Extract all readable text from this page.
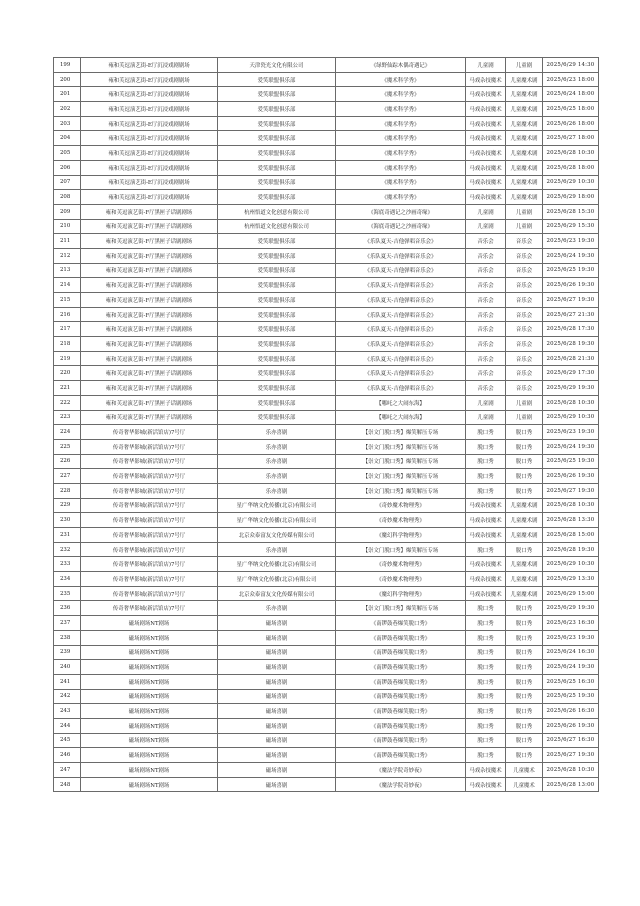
199	雍和芙逗演艺街-E厅沉浸戏剧剧场	天津瓷光文化有限公司	《绿野仙踪木偶奇遇记》	儿童剧	儿童剧	2025/6/29 14:30
200	雍和芙逗演艺街-E厅沉浸戏剧剧场	爱笑联盟俱乐部	《魔术科学秀》	马戏杂技魔术	儿童魔术剧	2025/6/23 18:00
201	雍和芙逗演艺街-E厅沉浸戏剧剧场	爱笑联盟俱乐部	《魔术科学秀》	马戏杂技魔术	儿童魔术剧	2025/6/24 18:00
202	雍和芙逗演艺街-E厅沉浸戏剧剧场	爱笑联盟俱乐部	《魔术科学秀》	马戏杂技魔术	儿童魔术剧	2025/6/25 18:00
203	雍和芙逗演艺街-E厅沉浸戏剧剧场	爱笑联盟俱乐部	《魔术科学秀》	马戏杂技魔术	儿童魔术剧	2025/6/26 18:00
204	雍和芙逗演艺街-E厅沉浸戏剧剧场	爱笑联盟俱乐部	《魔术科学秀》	马戏杂技魔术	儿童魔术剧	2025/6/27 18:00
205	雍和芙逗演艺街-E厅沉浸戏剧剧场	爱笑联盟俱乐部	《魔术科学秀》	马戏杂技魔术	儿童魔术剧	2025/6/28 10:30
206	雍和芙逗演艺街-E厅沉浸戏剧剧场	爱笑联盟俱乐部	《魔术科学秀》	马戏杂技魔术	儿童魔术剧	2025/6/28 18:00
207	雍和芙逗演艺街-E厅沉浸戏剧剧场	爱笑联盟俱乐部	《魔术科学秀》	马戏杂技魔术	儿童魔术剧	2025/6/29 10:30
208	雍和芙逗演艺街-E厅沉浸戏剧剧场	爱笑联盟俱乐部	《魔术科学秀》	马戏杂技魔术	儿童魔术剧	2025/6/29 18:00
209	雍和芙逗演艺街-F厅黑匣子话剧剧场	杭州悟道文化创意有限公司	《海底奇遇记之沙画奇缘》	儿童剧	儿童剧	2025/6/28 15:30
210	雍和芙逗演艺街-F厅黑匣子话剧剧场	杭州悟道文化创意有限公司	《海底奇遇记之沙画奇缘》	儿童剧	儿童剧	2025/6/29 15:30
211	雍和芙逗演艺街-F厅黑匣子话剧剧场	爱笑联盟俱乐部	《乐队夏天-吉他弹唱音乐会》	音乐会	音乐会	2025/6/23 19:30
212	雍和芙逗演艺街-F厅黑匣子话剧剧场	爱笑联盟俱乐部	《乐队夏天-吉他弹唱音乐会》	音乐会	音乐会	2025/6/24 19:30
213	雍和芙逗演艺街-F厅黑匣子话剧剧场	爱笑联盟俱乐部	《乐队夏天-吉他弹唱音乐会》	音乐会	音乐会	2025/6/25 19:30
214	雍和芙逗演艺街-F厅黑匣子话剧剧场	爱笑联盟俱乐部	《乐队夏天-吉他弹唱音乐会》	音乐会	音乐会	2025/6/26 19:30
215	雍和芙逗演艺街-F厅黑匣子话剧剧场	爱笑联盟俱乐部	《乐队夏天-吉他弹唱音乐会》	音乐会	音乐会	2025/6/27 19:30
216	雍和芙逗演艺街-F厅黑匣子话剧剧场	爱笑联盟俱乐部	《乐队夏天-吉他弹唱音乐会》	音乐会	音乐会	2025/6/27 21:30
217	雍和芙逗演艺街-F厅黑匣子话剧剧场	爱笑联盟俱乐部	《乐队夏天-吉他弹唱音乐会》	音乐会	音乐会	2025/6/28 17:30
218	雍和芙逗演艺街-F厅黑匣子话剧剧场	爱笑联盟俱乐部	《乐队夏天-吉他弹唱音乐会》	音乐会	音乐会	2025/6/28 19:30
219	雍和芙逗演艺街-F厅黑匣子话剧剧场	爱笑联盟俱乐部	《乐队夏天-吉他弹唱音乐会》	音乐会	音乐会	2025/6/28 21:30
220	雍和芙逗演艺街-F厅黑匣子话剧剧场	爱笑联盟俱乐部	《乐队夏天-吉他弹唱音乐会》	音乐会	音乐会	2025/6/29 17:30
221	雍和芙逗演艺街-F厅黑匣子话剧剧场	爱笑联盟俱乐部	《乐队夏天-吉他弹唱音乐会》	音乐会	音乐会	2025/6/29 19:30
222	雍和芙逗演艺街-F厅黑匣子话剧剧场	爱笑联盟俱乐部	【哪吒之大闹东海】	儿童剧	儿童剧	2025/6/28 10:30
223	雍和芙逗演艺街-F厅黑匣子话剧剧场	爱笑联盟俱乐部	【哪吒之大闹东海】	儿童剧	儿童剧	2025/6/29 10:30
224	传奇奢华影城(新活馆店)7号厅	乐亦喜剧	【崇文门脱口秀】爆笑解压专场	脱口秀	脱口秀	2025/6/23 19:30
225	传奇奢华影城(新活馆店)7号厅	乐亦喜剧	【崇文门脱口秀】爆笑解压专场	脱口秀	脱口秀	2025/6/24 19:30
226	传奇奢华影城(新活馆店)7号厅	乐亦喜剧	【崇文门脱口秀】爆笑解压专场	脱口秀	脱口秀	2025/6/25 19:30
227	传奇奢华影城(新活馆店)7号厅	乐亦喜剧	【崇文门脱口秀】爆笑解压专场	脱口秀	脱口秀	2025/6/26 19:30
228	传奇奢华影城(新活馆店)7号厅	乐亦喜剧	【崇文门脱口秀】爆笑解压专场	脱口秀	脱口秀	2025/6/27 19:30
229	传奇奢华影城(新活馆店)7号厅	星广华纳文化传播(北京)有限公司	《奇妙魔术物理秀》	马戏杂技魔术	儿童魔术剧	2025/6/28 10:30
230	传奇奢华影城(新活馆店)7号厅	星广华纳文化传播(北京)有限公司	《奇妙魔术物理秀》	马戏杂技魔术	儿童魔术剧	2025/6/28 13:30
231	传奇奢华影城(新活馆店)7号厅	北京众泰富友文化传媒有限公司	《魔幻科学物理秀》	马戏杂技魔术	儿童魔术剧	2025/6/28 15:00
232	传奇奢华影城(新活馆店)7号厅	乐亦喜剧	【崇文门脱口秀】爆笑解压专场	脱口秀	脱口秀	2025/6/28 19:30
233	传奇奢华影城(新活馆店)7号厅	星广华纳文化传播(北京)有限公司	《奇妙魔术物理秀》	马戏杂技魔术	儿童魔术剧	2025/6/29 10:30
234	传奇奢华影城(新活馆店)7号厅	星广华纳文化传播(北京)有限公司	《奇妙魔术物理秀》	马戏杂技魔术	儿童魔术剧	2025/6/29 13:30
235	传奇奢华影城(新活馆店)7号厅	北京众泰富友文化传媒有限公司	《魔幻科学物理秀》	马戏杂技魔术	儿童魔术剧	2025/6/29 15:00
236	传奇奢华影城(新活馆店)7号厅	乐亦喜剧	【崇文门脱口秀】爆笑解压专场	脱口秀	脱口秀	2025/6/29 19:30
237	磁场剧场NT剧场	磁场喜剧	《南锣鼓巷爆笑脱口秀》	脱口秀	脱口秀	2025/6/23 16:30
238	磁场剧场NT剧场	磁场喜剧	《南锣鼓巷爆笑脱口秀》	脱口秀	脱口秀	2025/6/23 19:30
239	磁场剧场NT剧场	磁场喜剧	《南锣鼓巷爆笑脱口秀》	脱口秀	脱口秀	2025/6/24 16:30
240	磁场剧场NT剧场	磁场喜剧	《南锣鼓巷爆笑脱口秀》	脱口秀	脱口秀	2025/6/24 19:30
241	磁场剧场NT剧场	磁场喜剧	《南锣鼓巷爆笑脱口秀》	脱口秀	脱口秀	2025/6/25 16:30
242	磁场剧场NT剧场	磁场喜剧	《南锣鼓巷爆笑脱口秀》	脱口秀	脱口秀	2025/6/25 19:30
243	磁场剧场NT剧场	磁场喜剧	《南锣鼓巷爆笑脱口秀》	脱口秀	脱口秀	2025/6/26 16:30
244	磁场剧场NT剧场	磁场喜剧	《南锣鼓巷爆笑脱口秀》	脱口秀	脱口秀	2025/6/26 19:30
245	磁场剧场NT剧场	磁场喜剧	《南锣鼓巷爆笑脱口秀》	脱口秀	脱口秀	2025/6/27 16:30
246	磁场剧场NT剧场	磁场喜剧	《南锣鼓巷爆笑脱口秀》	脱口秀	脱口秀	2025/6/27 19:30
247	磁场剧场NT剧场	磁场喜剧	《魔法学院奇妙夜》	马戏杂技魔术	儿童魔术	2025/6/28 10:30
248	磁场剧场NT剧场	磁场喜剧	《魔法学院奇妙夜》	马戏杂技魔术	儿童魔术	2025/6/28 13:00
